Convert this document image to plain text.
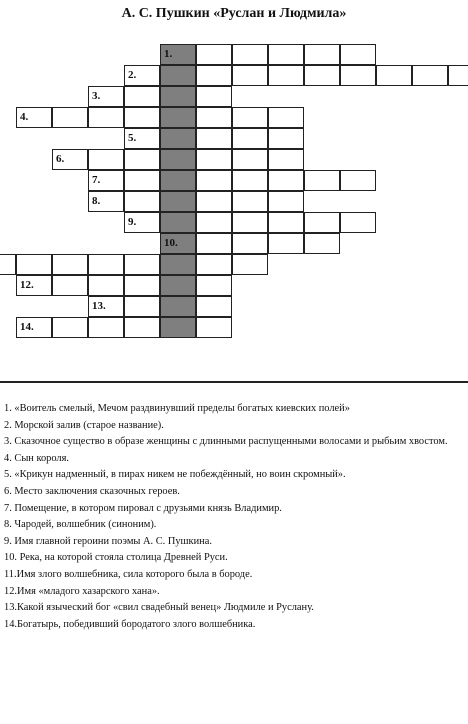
А. С. Пушкин «Руслан и Людмила»
1.
2.
3.
4.
5.
6.
7.
8.
9.
10.
12.
13.
14.
1. «Воитель смелый, Мечом раздвинувший пределы богатых киевских полей»
2. Морской залив (старое название).
3. Сказочное существо в образе женщины с длинными распущенными волосами и рыбьим хвостом.
4. Сын короля.
5. «Крикун надменный, в пирах никем не побеждённый, но воин скромный».
6. Место заключения сказочных героев.
7. Помещение, в котором пировал с друзьями князь Владимир.
8. Чародей, волшебник (синоним).
9. Имя главной героини поэмы А. С. Пушкина.
10. Река, на которой стояла столица Древней Руси.
11.Имя злого волшебника, сила которого была в бороде.
12.Имя «младого хазарского хана».
13.Какой языческий бог «свил свадебный венец» Людмиле и Руслану.
14.Богатырь, победивший бородатого злого волшебника.
